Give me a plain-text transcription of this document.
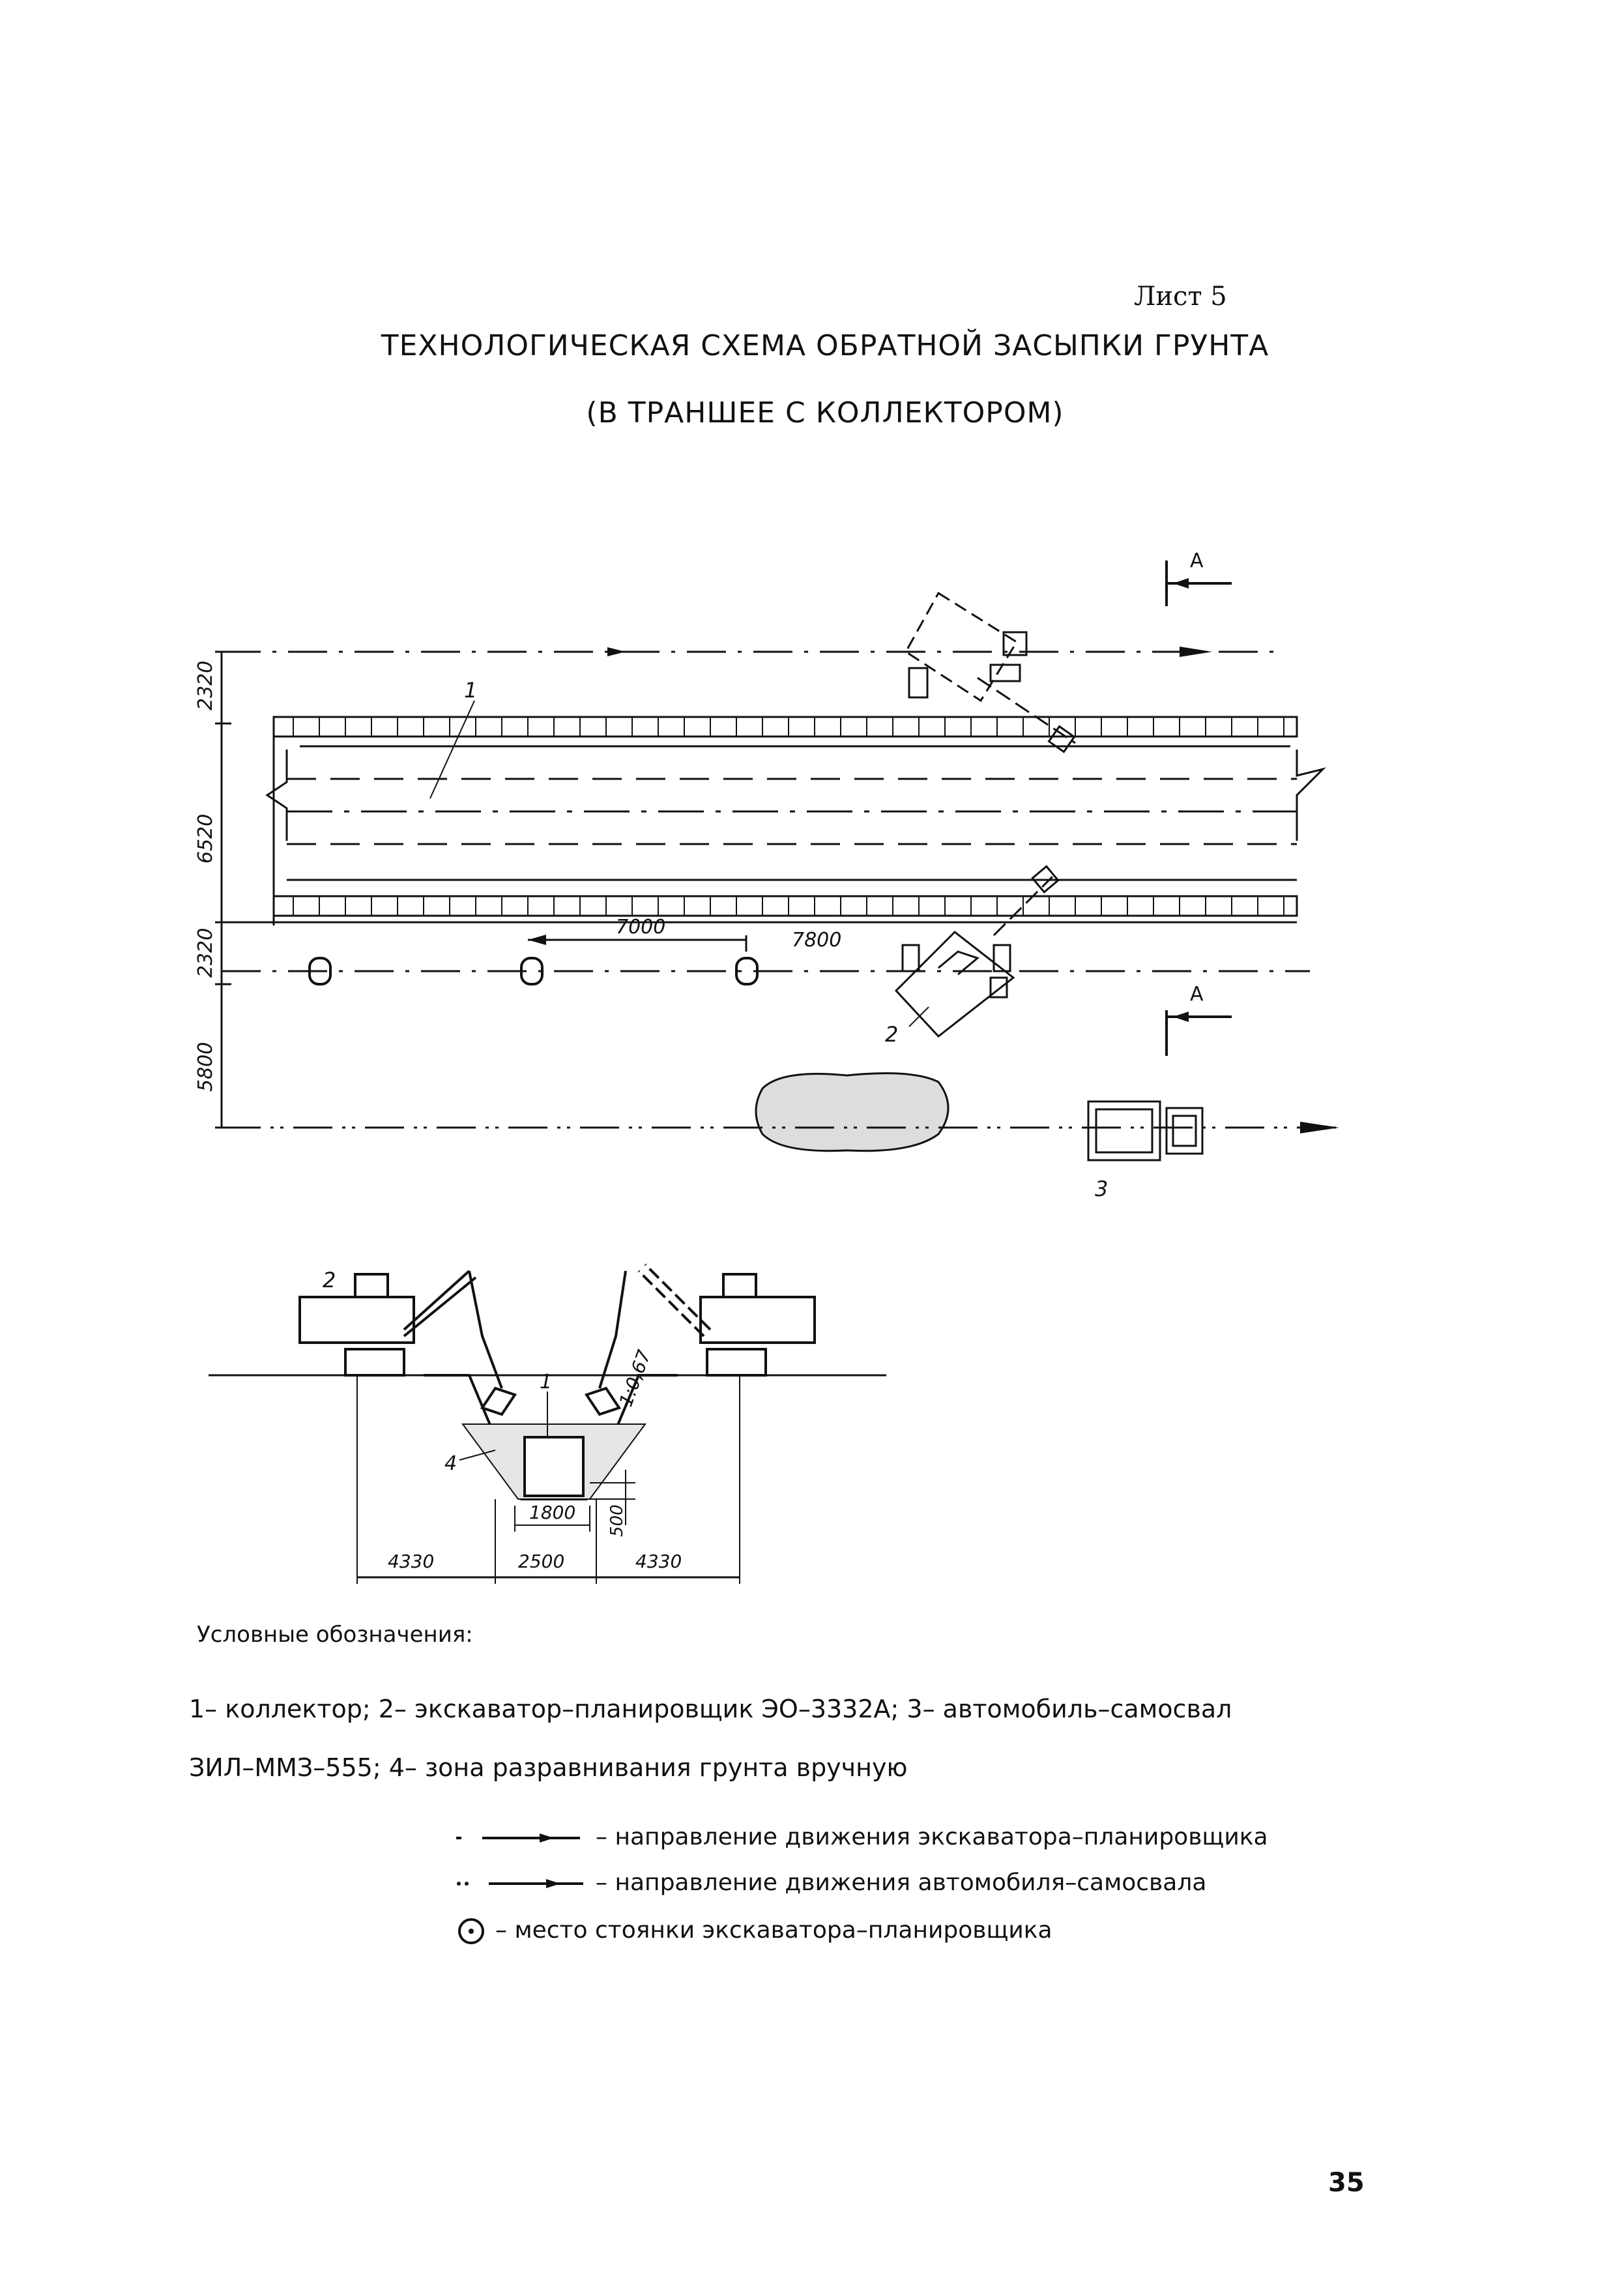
Лист 5
ТЕХНОЛОГИЧЕСКАЯ СХЕМА ОБРАТНОЙ ЗАСЫПКИ ГРУНТА
(В ТРАНШЕЕ С КОЛЛЕКТОРОМ)
2320
6520
2320
5800
1
7000
7800
2
3
A
A
2
1:0,67
1
4
500
1800
4330	2500	4330
Условные обозначения:
1– коллектор; 2– экскаватор–планировщик ЭО–3332А; 3– автомобиль–самосвал
ЗИЛ–ММЗ–555; 4– зона разравнивания грунта вручную
– направление движения экскаватора–планировщика
– направление движения автомобиля–самосвала
– место стоянки экскаватора–планировщика
35
